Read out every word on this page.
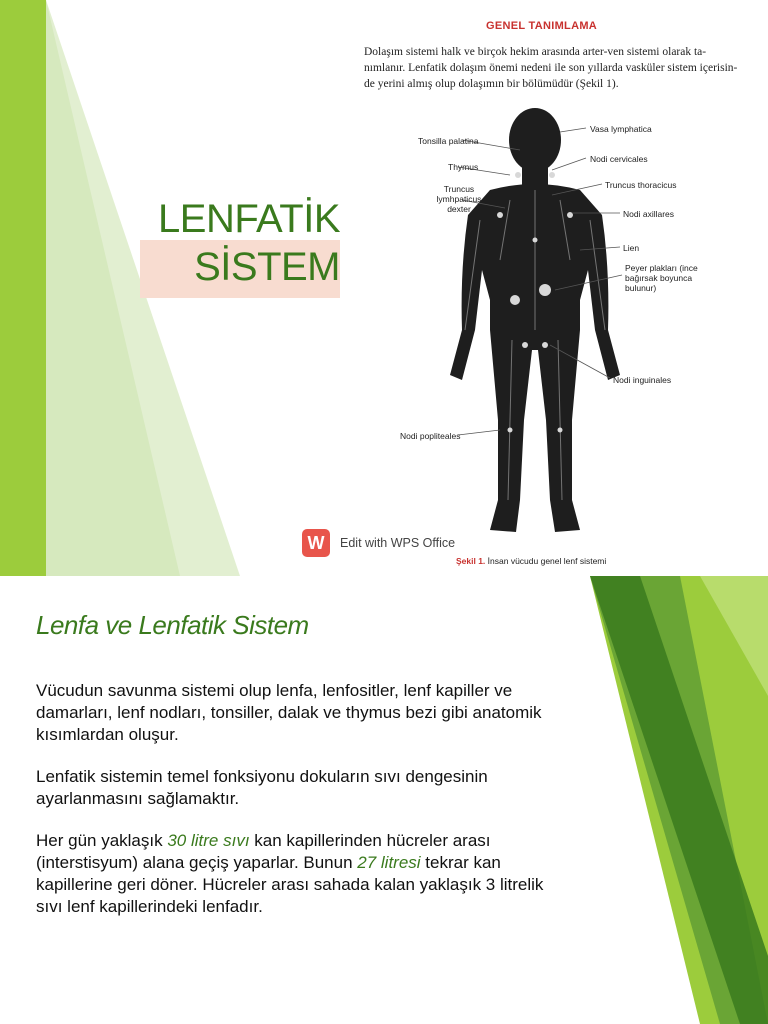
LENFATİK
SİSTEM
GENEL TANIMLAMA
Dolaşım sistemi halk ve birçok hekim arasında arter-ven sistemi olarak ta-
nımlanır. Lenfatik dolaşım önemi nedeni ile son yıllarda vasküler sistem içerisin-
de yerini almış olup dolaşımın bir bölümüdür (Şekil 1).
Tonsilla palatina
Thymus
Truncus
lymhpaticus
dexter
Nodi popliteales
Vasa lymphatica
Nodi cervicales
Truncus thoracicus
Nodi axillares
Lien
Peyer plakları (ince
bağırsak boyunca
bulunur)
Nodi inguinales
W	Edit with WPS Office
Şekil 1. İnsan vücudu genel lenf sistemi
Lenfa ve Lenfatik Sistem
Vücudun savunma sistemi olup lenfa, lenfositler, lenf kapiller ve damarları, lenf nodları, tonsiller, dalak ve thymus bezi gibi anatomik kısımlardan oluşur.
Lenfatik sistemin temel fonksiyonu dokuların sıvı dengesinin ayarlanmasını sağlamaktır.
Her gün yaklaşık 30 litre sıvı kan kapillerinden hücreler arası (interstisyum) alana geçiş yaparlar. Bunun 27 litresi tekrar kan kapillerine geri döner. Hücreler arası sahada kalan yaklaşık 3 litrelik sıvı lenf kapillerindeki lenfadır.
